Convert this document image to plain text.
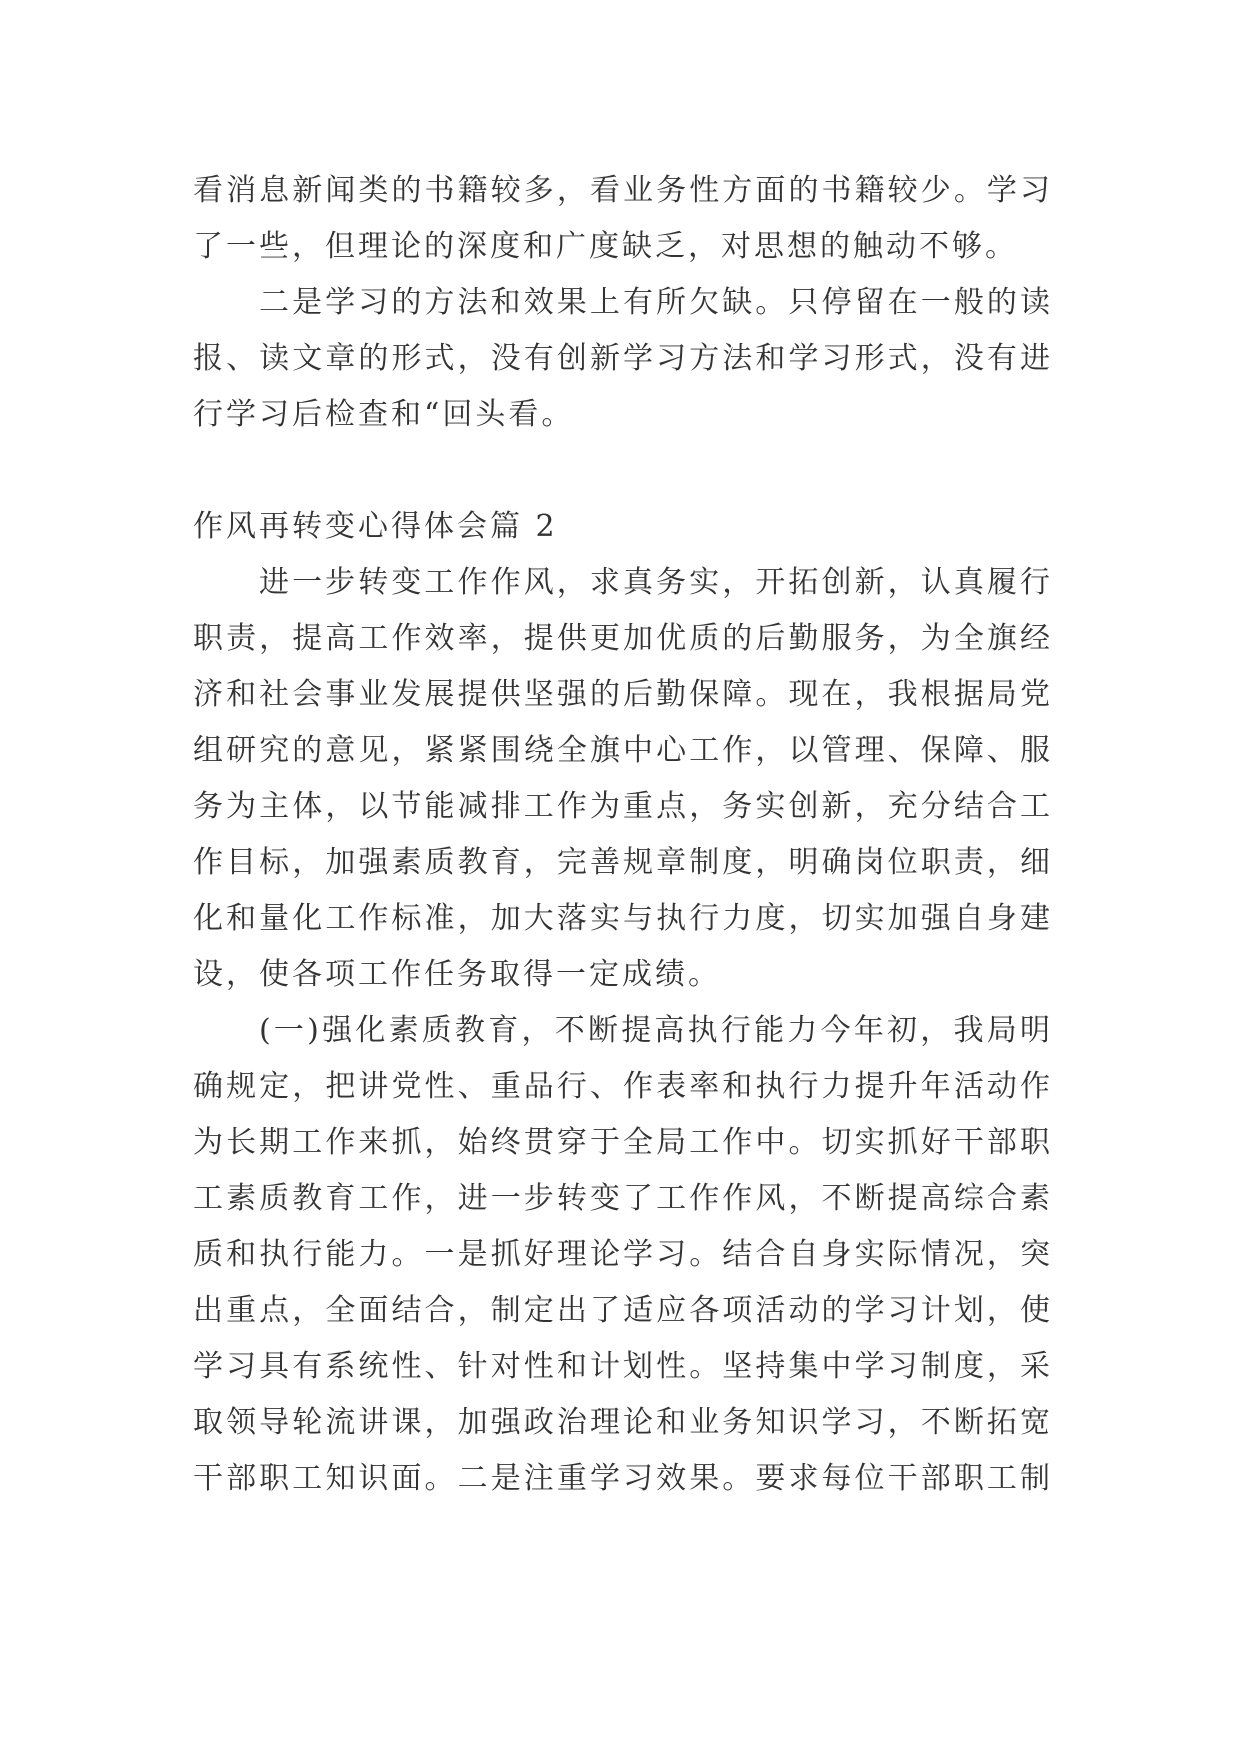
看消息新闻类的书籍较多，看业务性方面的书籍较少。学习
了一些，但理论的深度和广度缺乏，对思想的触动不够。
二是学习的方法和效果上有所欠缺。只停留在一般的读
报、读文章的形式，没有创新学习方法和学习形式，没有进
行学习后检查和“回头看。
作风再转变心得体会篇 2
进一步转变工作作风，求真务实，开拓创新，认真履行
职责，提高工作效率，提供更加优质的后勤服务，为全旗经
济和社会事业发展提供坚强的后勤保障。现在，我根据局党
组研究的意见，紧紧围绕全旗中心工作，以管理、保障、服
务为主体，以节能减排工作为重点，务实创新，充分结合工
作目标，加强素质教育，完善规章制度，明确岗位职责，细
化和量化工作标准，加大落实与执行力度，切实加强自身建
设，使各项工作任务取得一定成绩。
(一)强化素质教育，不断提高执行能力今年初，我局明
确规定，把讲党性、重品行、作表率和执行力提升年活动作
为长期工作来抓，始终贯穿于全局工作中。切实抓好干部职
工素质教育工作，进一步转变了工作作风，不断提高综合素
质和执行能力。一是抓好理论学习。结合自身实际情况，突
出重点，全面结合，制定出了适应各项活动的学习计划，使
学习具有系统性、针对性和计划性。坚持集中学习制度，采
取领导轮流讲课，加强政治理论和业务知识学习，不断拓宽
干部职工知识面。二是注重学习效果。要求每位干部职工制
